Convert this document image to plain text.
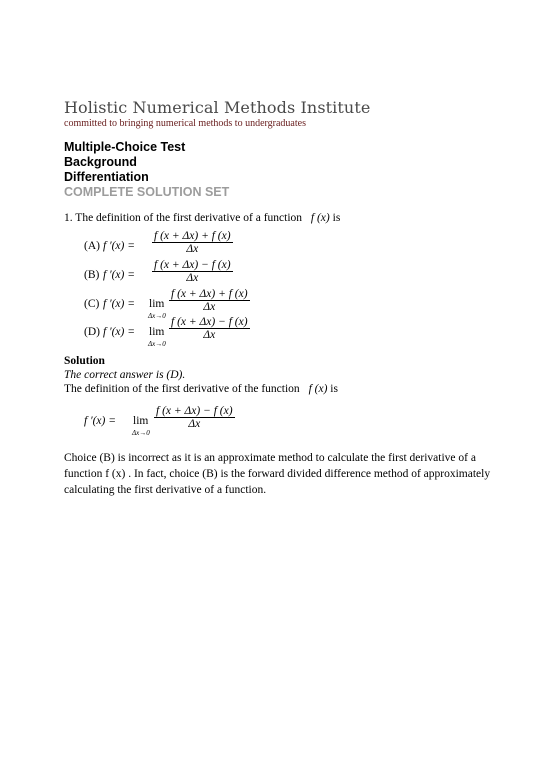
Holistic Numerical Methods Institute
committed to bringing numerical methods to undergraduates
Multiple-Choice Test
Background
Differentiation
COMPLETE SOLUTION SET
1. The definition of the first derivative of a function f (x) is
(A) f ′(x) =
f (x + Δx) + f (x)
Δx
(B) f ′(x) =
f (x + Δx) − f (x)
Δx
(C) f ′(x) = lim
Δx→0
f (x + Δx) + f (x)
Δx
(D) f ′(x) = lim
Δx→0
f (x + Δx) − f (x)
Δx
Solution
The correct answer is (D).
The definition of the first derivative of the function f (x) is
f ′(x) = lim
Δx→0
f (x + Δx) − f (x)
Δx
Choice (B) is incorrect as it is an approximate method to calculate the first derivative of a
function f (x) . In fact, choice (B) is the forward divided difference method of approximately
calculating the first derivative of a function.
